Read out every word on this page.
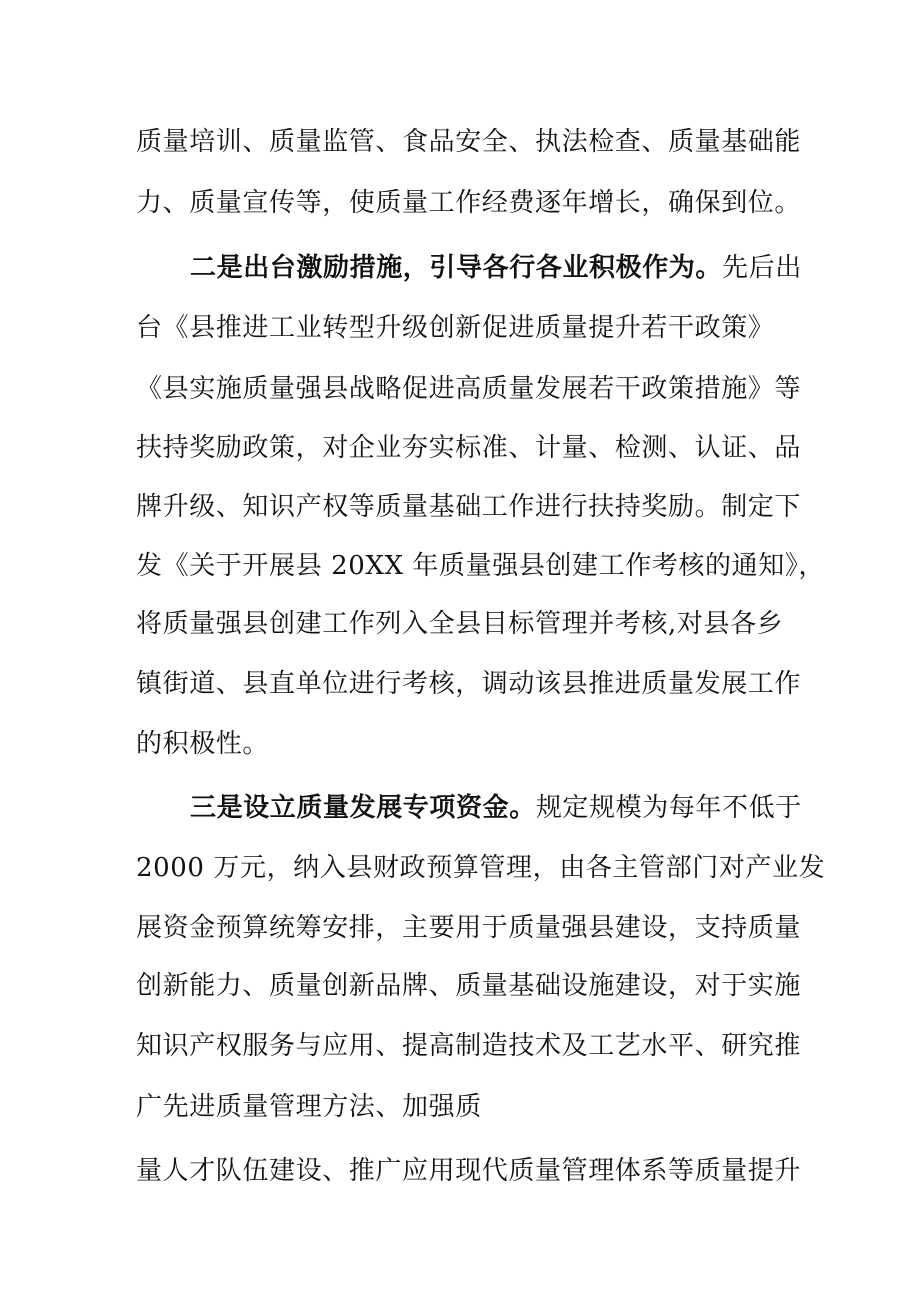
质量培训、质量监管、食品安全、执法检查、质量基础能
力、质量宣传等，使质量工作经费逐年增长，确保到位。
二是出台激励措施，引导各行各业积极作为。先后出
台《县推进工业转型升级创新促进质量提升若干政策》
《县实施质量强县战略促进高质量发展若干政策措施》等
扶持奖励政策，对企业夯实标准、计量、检测、认证、品
牌升级、知识产权等质量基础工作进行扶持奖励。制定下
发《关于开展县 20XX 年质量强县创建工作考核的通知》，
将质量强县创建工作列入全县目标管理并考核,对县各乡
镇街道、县直单位进行考核，调动该县推进质量发展工作
的积极性。
三是设立质量发展专项资金。规定规模为每年不低于
2000 万元，纳入县财政预算管理，由各主管部门对产业发
展资金预算统筹安排，主要用于质量强县建设，支持质量
创新能力、质量创新品牌、质量基础设施建设，对于实施
知识产权服务与应用、提高制造技术及工艺水平、研究推
广先进质量管理方法、加强质
量人才队伍建设、推广应用现代质量管理体系等质量提升
